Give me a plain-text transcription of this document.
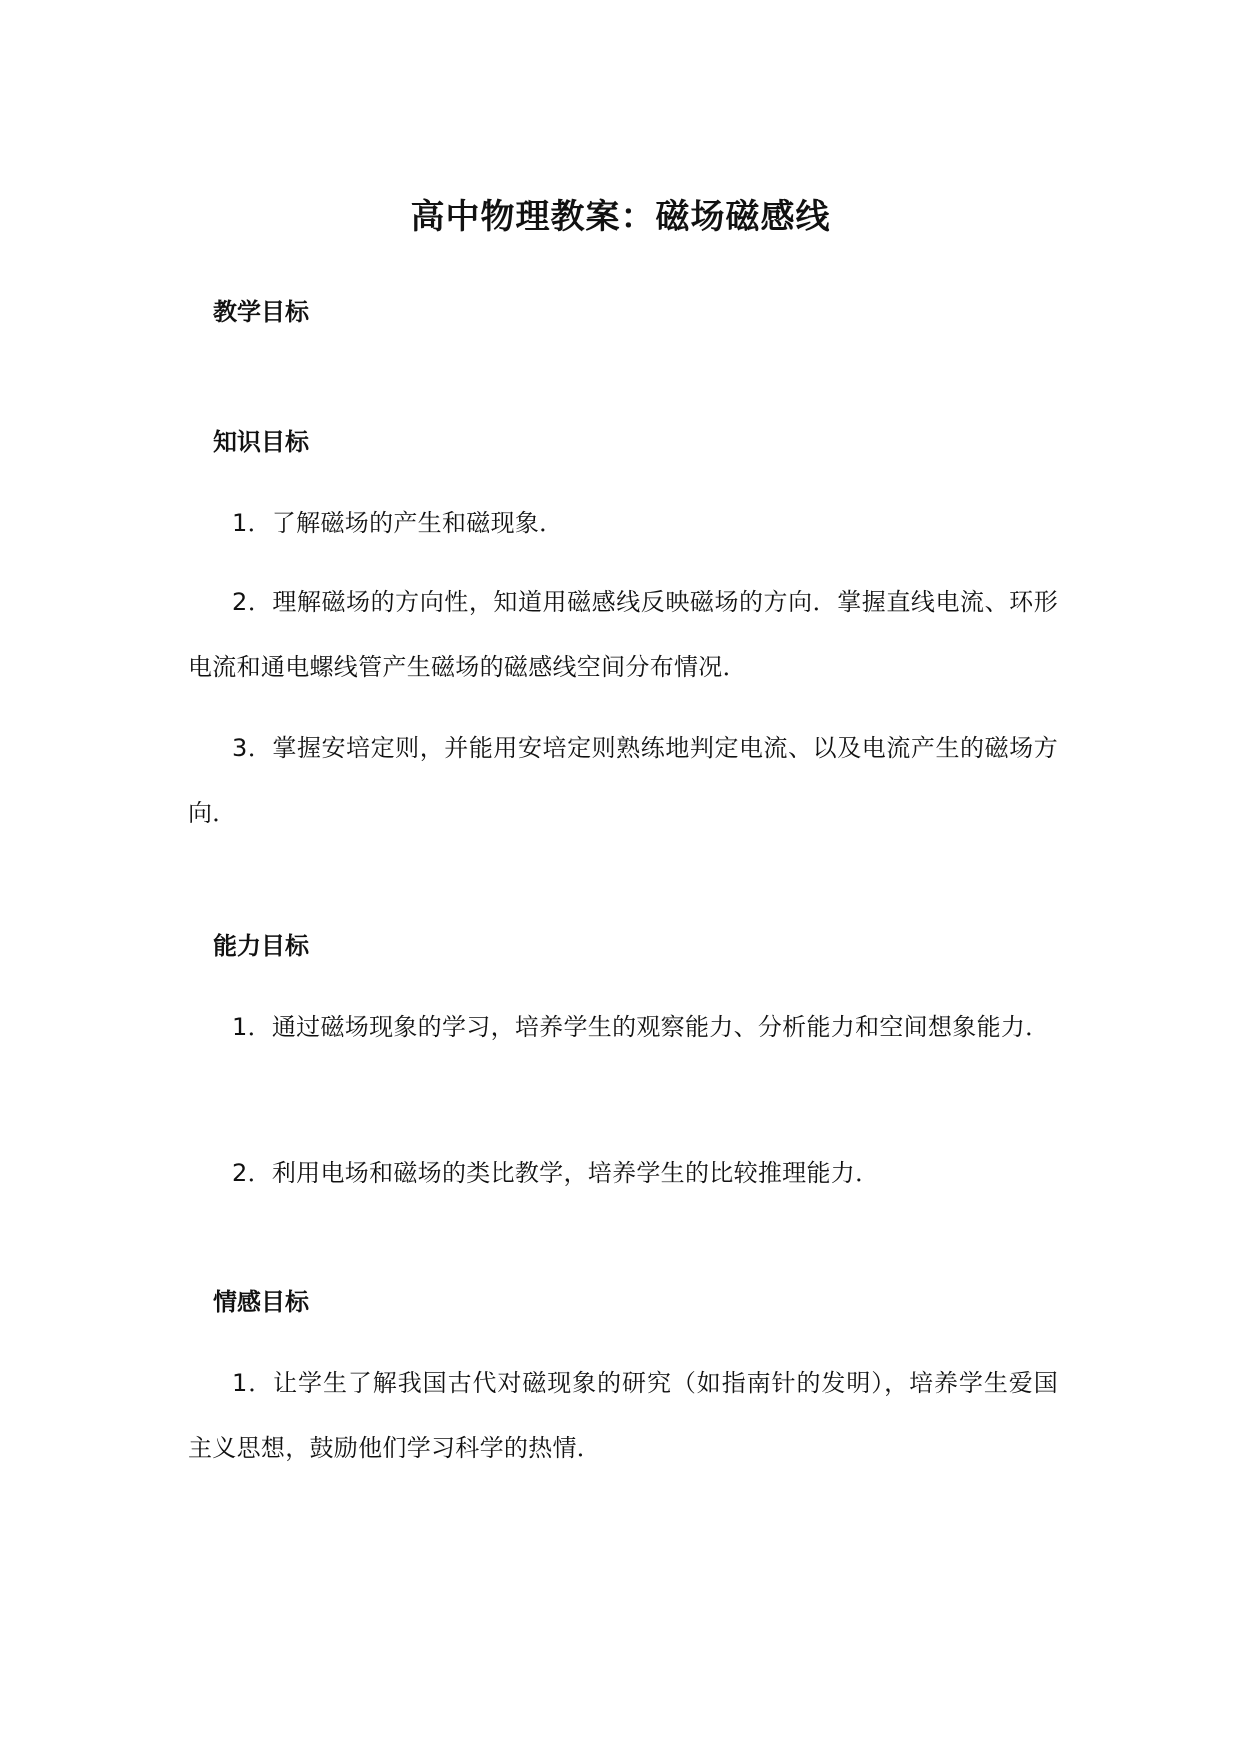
高中物理教案：磁场磁感线
教学目标
知识目标
1．了解磁场的产生和磁现象．
2．理解磁场的方向性，知道用磁感线反映磁场的方向．掌握直线电流、环形电流和通电螺线管产生磁场的磁感线空间分布情况．
3．掌握安培定则，并能用安培定则熟练地判定电流、以及电流产生的磁场方向．
能力目标
1．通过磁场现象的学习，培养学生的观察能力、分析能力和空间想象能力．
2．利用电场和磁场的类比教学，培养学生的比较推理能力．
情感目标
1．让学生了解我国古代对磁现象的研究（如指南针的发明），培养学生爱国主义思想，鼓励他们学习科学的热情．
